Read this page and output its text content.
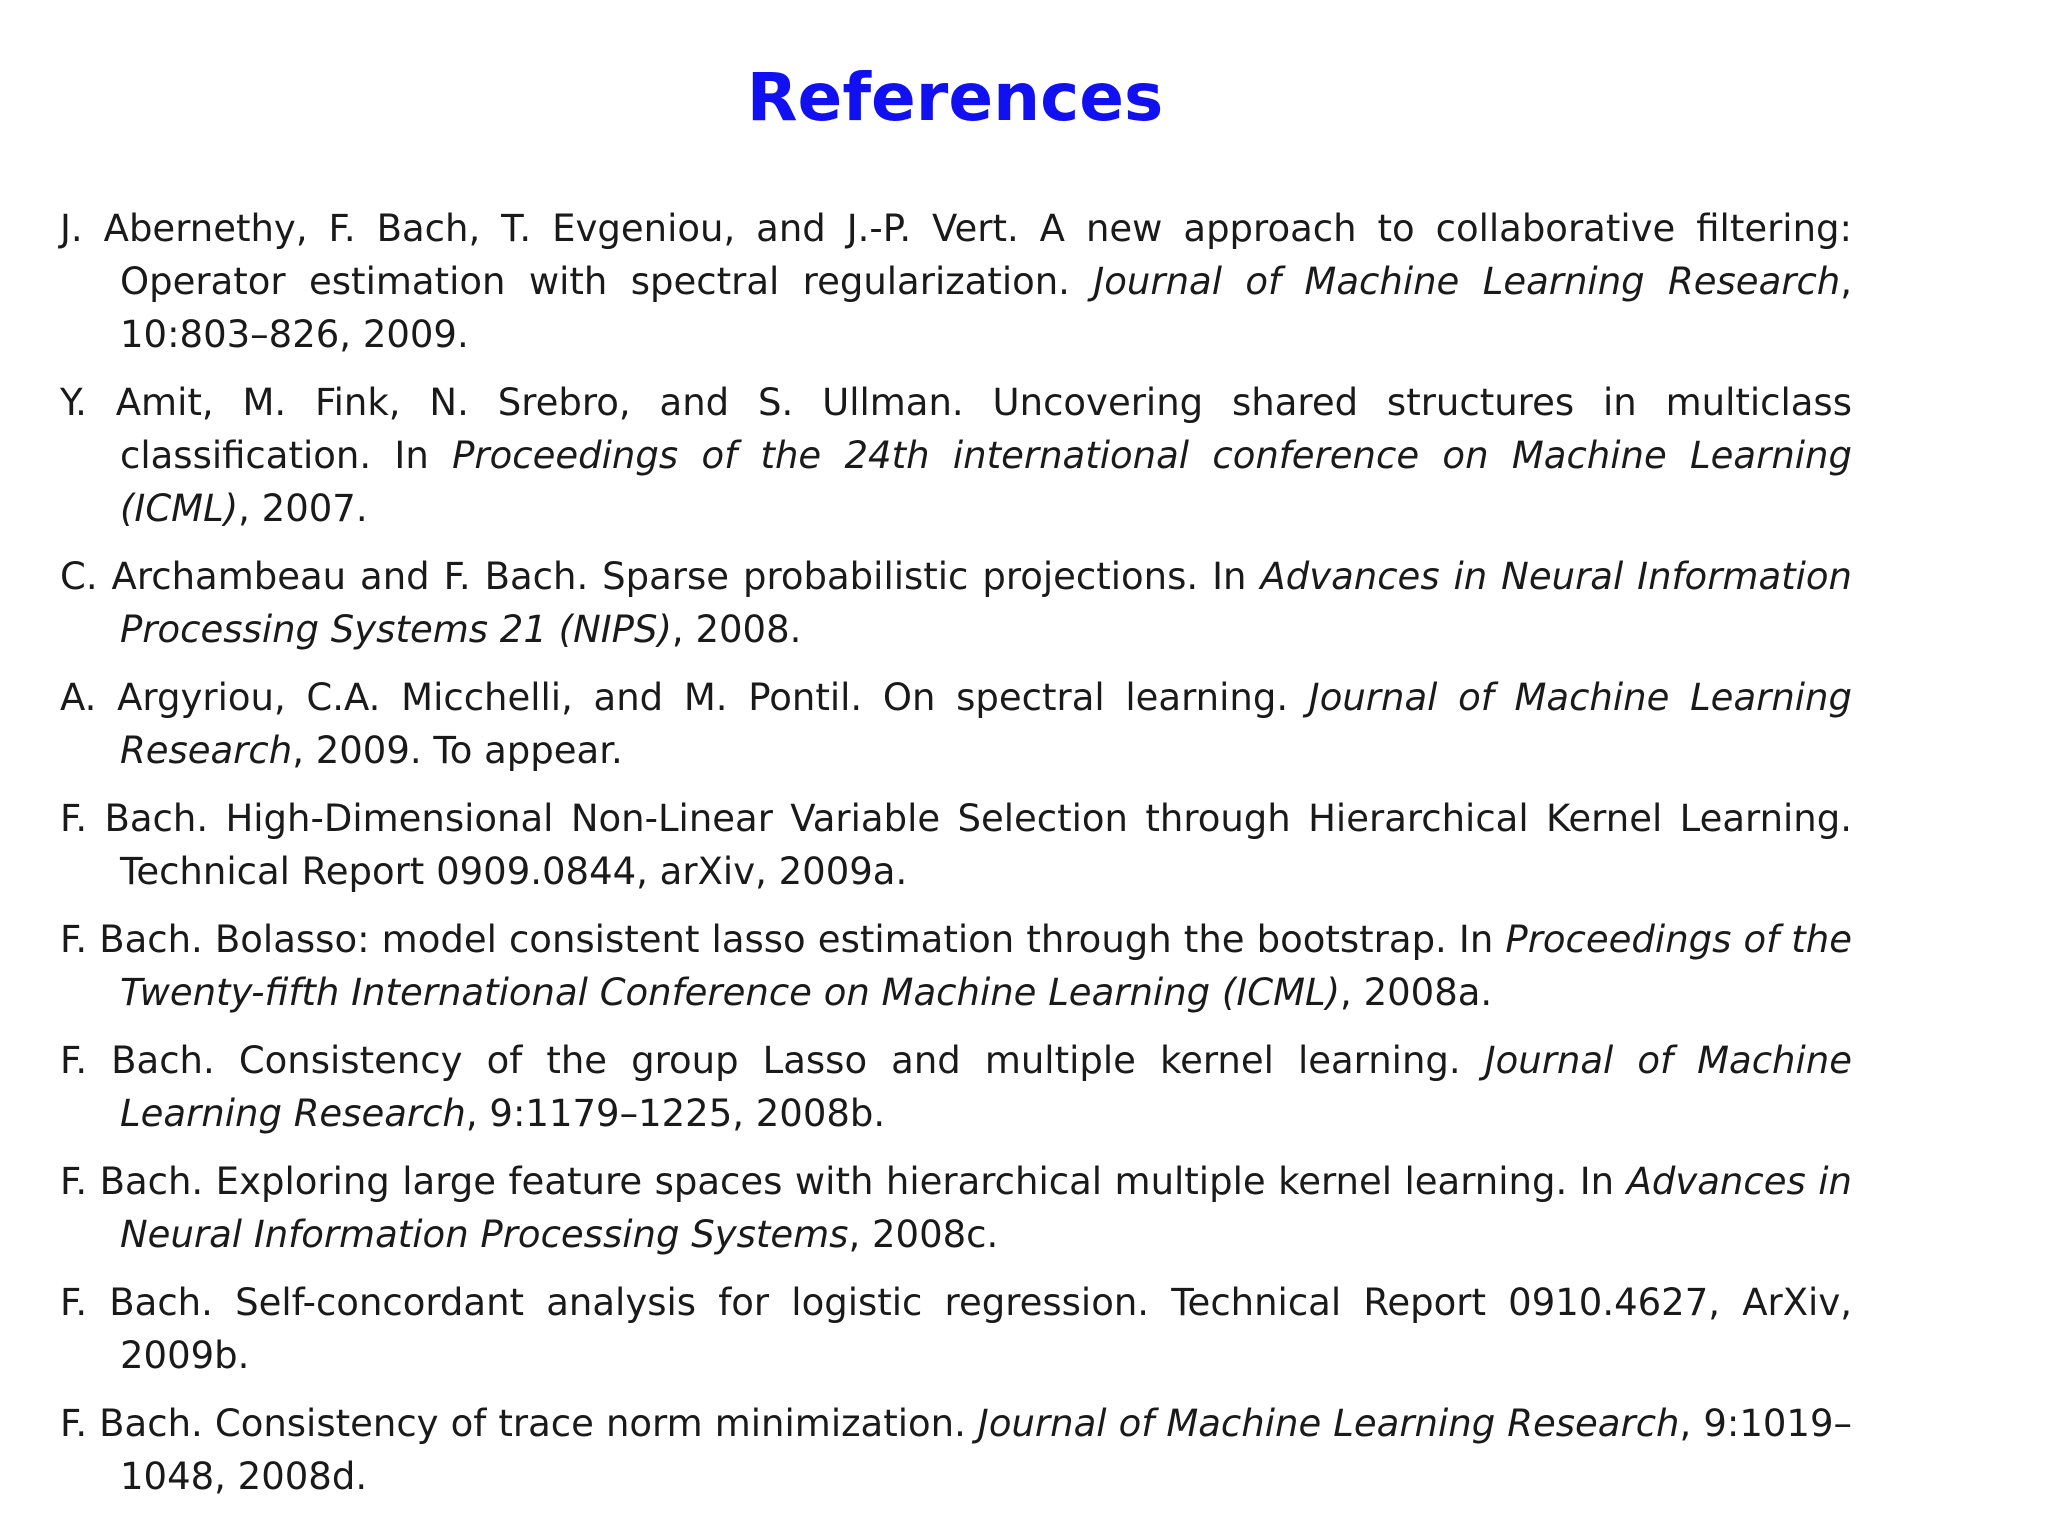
References
J. Abernethy, F. Bach, T. Evgeniou, and J.-P. Vert. A new approach to collaborative filtering: Operator estimation with spectral regularization. Journal of Machine Learning Research, 10:803–826, 2009.
Y. Amit, M. Fink, N. Srebro, and S. Ullman. Uncovering shared structures in multiclass classification. In Proceedings of the 24th international conference on Machine Learning (ICML), 2007.
C. Archambeau and F. Bach. Sparse probabilistic projections. In Advances in Neural Information Processing Systems 21 (NIPS), 2008.
A. Argyriou, C.A. Micchelli, and M. Pontil. On spectral learning. Journal of Machine Learning Research, 2009. To appear.
F. Bach. High-Dimensional Non-Linear Variable Selection through Hierarchical Kernel Learning. Technical Report 0909.0844, arXiv, 2009a.
F. Bach. Bolasso: model consistent lasso estimation through the bootstrap. In Proceedings of the Twenty-fifth International Conference on Machine Learning (ICML), 2008a.
F. Bach. Consistency of the group Lasso and multiple kernel learning. Journal of Machine Learning Research, 9:1179–1225, 2008b.
F. Bach. Exploring large feature spaces with hierarchical multiple kernel learning. In Advances in Neural Information Processing Systems, 2008c.
F. Bach. Self-concordant analysis for logistic regression. Technical Report 0910.4627, ArXiv, 2009b.
F. Bach. Consistency of trace norm minimization. Journal of Machine Learning Research, 9:1019–1048, 2008d.
